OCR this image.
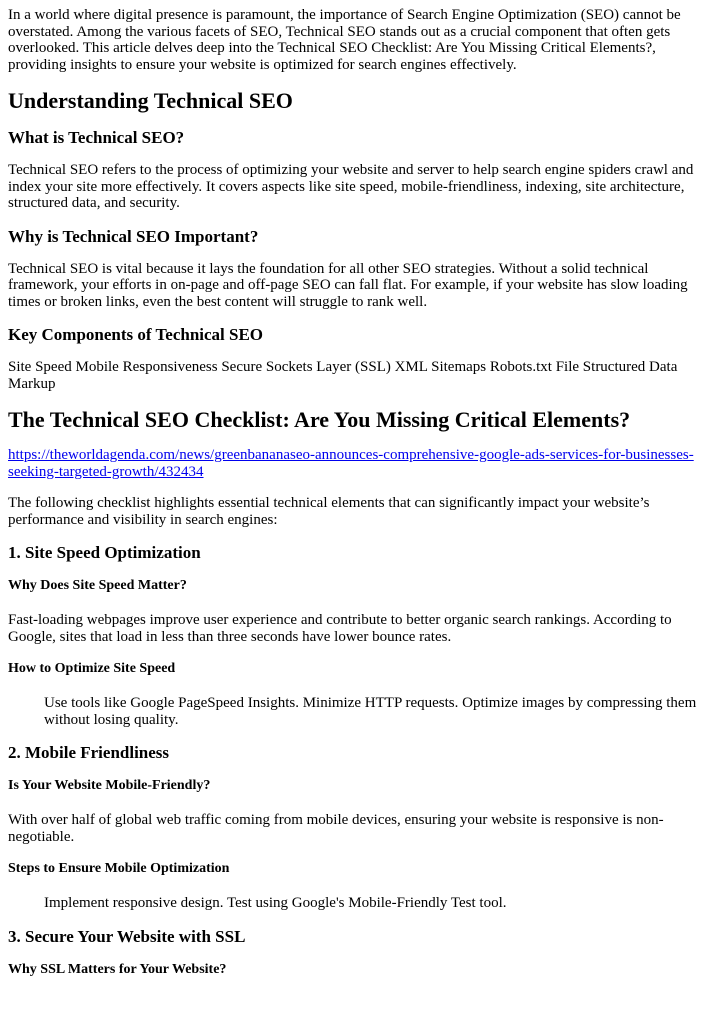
In a world where digital presence is paramount, the importance of Search Engine Optimization (SEO) cannot be overstated. Among the various facets of SEO, Technical SEO stands out as a crucial component that often gets overlooked. This article delves deep into the Technical SEO Checklist: Are You Missing Critical Elements?, providing insights to ensure your website is optimized for search engines effectively.

Understanding Technical SEO
What is Technical SEO?

Technical SEO refers to the process of optimizing your website and server to help search engine spiders crawl and index your site more effectively. It covers aspects like site speed, mobile-friendliness, indexing, site architecture, structured data, and security.

Why is Technical SEO Important?

Technical SEO is vital because it lays the foundation for all other SEO strategies. Without a solid technical framework, your efforts in on-page and off-page SEO can fall flat. For example, if your website has slow loading times or broken links, even the best content will struggle to rank well.

Key Components of Technical SEO

Site Speed Mobile Responsiveness Secure Sockets Layer (SSL) XML Sitemaps Robots.txt File Structured Data Markup

The Technical SEO Checklist: Are You Missing Critical Elements?

https://theworldagenda.com/news/greenbananaseo-announces-comprehensive-google-ads-services-for-businesses-seeking-targeted-growth/432434

The following checklist highlights essential technical elements that can significantly impact your website’s performance and visibility in search engines:

1. Site Speed Optimization
Why Does Site Speed Matter?

Fast-loading webpages improve user experience and contribute to better organic search rankings. According to Google, sites that load in less than three seconds have lower bounce rates.

How to Optimize Site Speed
Use tools like Google PageSpeed Insights. Minimize HTTP requests. Optimize images by compressing them without losing quality.
2. Mobile Friendliness
Is Your Website Mobile-Friendly?

With over half of global web traffic coming from mobile devices, ensuring your website is responsive is non-negotiable.

Steps to Ensure Mobile Optimization
Implement responsive design. Test using Google's Mobile-Friendly Test tool.
3. Secure Your Website with SSL
Why SSL Matters for Your Website?
